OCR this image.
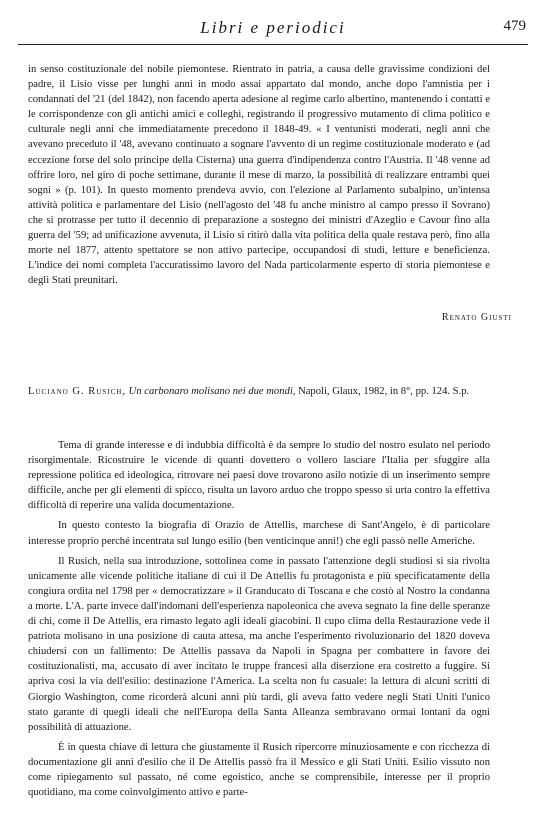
Libri e periodici	479

in senso costituzionale del nobile piemontese. Rientrato in patria, a causa delle gravissime condizioni del padre, il Lisio visse per lunghi anni in modo assai appartato dal mondo, anche dopo l'amnistia per i condannati del '21 (del 1842), non facendo aperta adesione al regime carlo albertino, mantenendo i contatti e le corrispondenze con gli antichi amici e colleghi, registrando il progressivo mutamento di clima politico e culturale negli anni che immediatamente precedono il 1848-49. « I ventunisti moderati, negli anni che avevano preceduto il '48, avevano continuato a sognare l'avvento di un regime costituzionale moderato e (ad eccezione forse del solo principe della Cisterna) una guerra d'indipendenza contro l'Austria. Il '48 venne ad offrire loro, nel giro di poche settimane, durante il mese di marzo, la possibilità di realizzare entrambi quei sogni » (p. 101). In questo momento prendeva avvio, con l'elezione al Parlamento subalpino, un'intensa attività politica e parlamentare del Lisio (nell'agosto del '48 fu anche ministro al campo presso il Sovrano) che si protrasse per tutto il decennio di preparazione a sostegno dei ministri d'Azeglio e Cavour fino alla guerra del '59; ad unificazione avvenuta, il Lisio si ritirò dalla vita politica della quale restava però, fino alla morte nel 1877, attento spettatore se non attivo partecipe, occupandosi di studi, letture e beneficienza. L'indice dei nomi completa l'accuratissimo lavoro del Nada particolarmente esperto di storia piemontese e degli Stati preunitari.

Renato Giusti
Luciano G. Rusich, Un carbonaro molisano nei due mondi, Napoli, Glaux, 1982, in 8°, pp. 124. S.p.

Tema di grande interesse e di indubbia difficoltà è da sempre lo studio del nostro esulato nel periodo risorgimentale. Ricostruire le vicende di quanti dovettero o vollero lasciare l'Italia per sfuggire alla repressione politica ed ideologica, ritrovare nei paesi dove trovarono asilo notizie di un inserimento sempre difficile, anche per gli elementi di spicco, risulta un lavoro arduo che troppo spesso si urta contro la effettiva difficoltà di reperire una valida documentazione.

In questo contesto la biografia di Orazio de Attellis, marchese di Sant'Angelo, è di particolare interesse proprio perché incentrata sul lungo esilio (ben venticinque anni!) che egli passò nelle Americhe.

Il Rusich, nella sua introduzione, sottolinea come in passato l'attenzione degli studiosi si sia rivolta unicamente alle vicende politiche italiane di cui il De Attellis fu protagonista e più specificatamente della congiura ordita nel 1798 per « democratizzare » il Granducato di Toscana e che costò al Nostro la condanna a morte. L'A. parte invece dall'indomani dell'esperienza napoleonica che aveva segnato la fine delle speranze di chi, come il De Attellis, era rimasto legato agli ideali giacobini. Il cupo clima della Restaurazione vede il patriota molisano in una posizione di cauta attesa, ma anche l'esperimento rivoluzionario del 1820 doveva chiudersi con un fallimento: De Attellis passava da Napoli in Spagna per combattere in favore dei costituzionalisti, ma, accusato di aver incitato le truppe francesi alla diserzione era costretto a fuggire. Si apriva così la via dell'esilio: destinazione l'America. La scelta non fu casuale: la lettura di alcuni scritti di Giorgio Washington, come ricorderà alcuni anni più tardi, gli aveva fatto vedere negli Stati Uniti l'unico stato garante di quegli ideali che nell'Europa della Santa Alleanza sembravano ormai lontani da ogni possibilità di attuazione.

È in questa chiave di lettura che giustamente il Rusich ripercorre minuziosamente e con ricchezza di documentazione gli anni d'esilio che il De Attellis passò fra il Messico e gli Stati Uniti. Esilio vissuto non come ripiegamento sul passato, né come egoistico, anche se comprensibile, interesse per il proprio quotidiano, ma come coinvolgimento attivo e parte-
